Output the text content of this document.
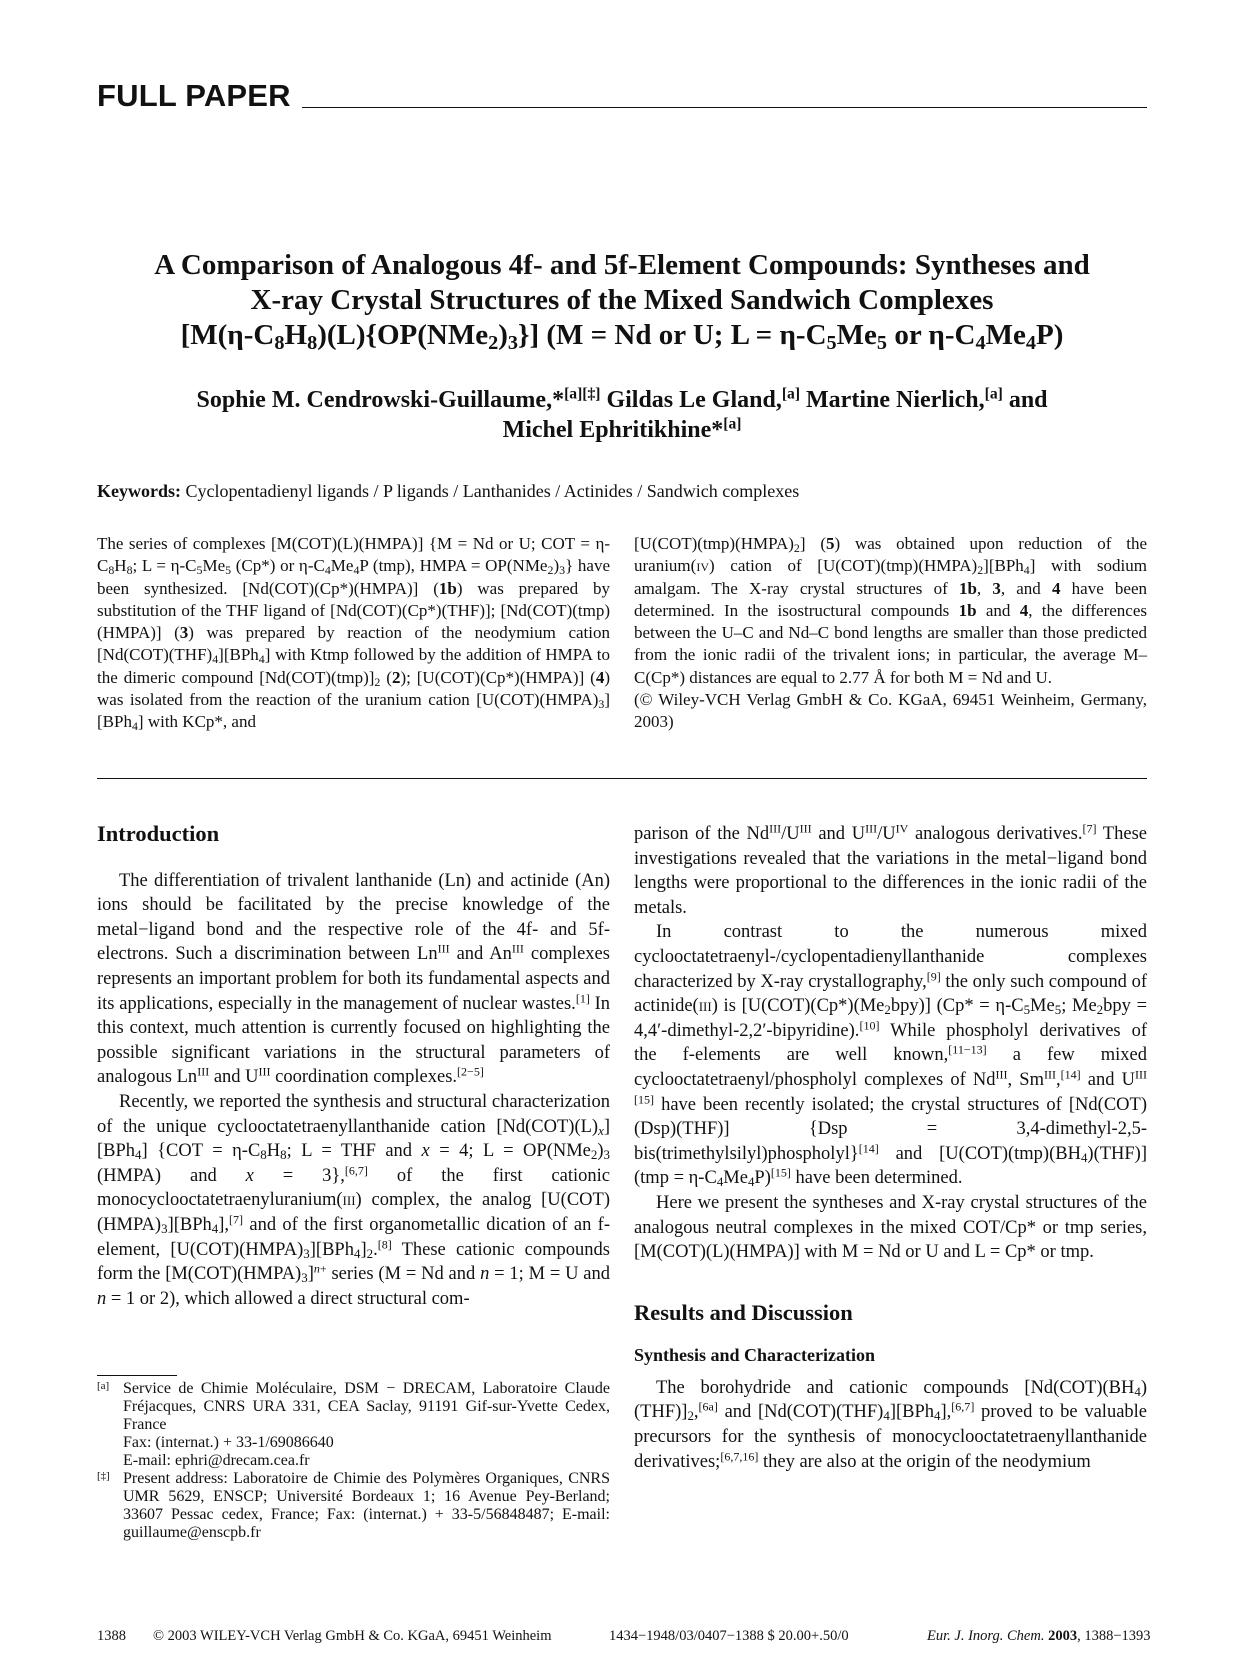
FULL PAPER
A Comparison of Analogous 4f- and 5f-Element Compounds: Syntheses and
X-ray Crystal Structures of the Mixed Sandwich Complexes
$[M(\eta-C_8H_8)(L)\{OP(NMe_2)_3\}] (M = Nd$ or U; $L = \eta-C_5Me_5$ or $\eta-C_4Me_4P$)
Sophie M. Cendrowski-Guillaume,*[a][‡] Gildas Le Gland,[a] Martine Nierlich,[a] and
Michel Ephritikhine*[a]
Keywords: Cyclopentadienyl ligands / P ligands / Lanthanides / Actinides / Sandwich complexes
The series of complexes [M(COT)(L)(HMPA)] {M = Nd or U; COT = $\eta-C_8H_8$; $L = \eta-C_5Me_5$ (Cp*) or $\eta-C_4Me_4P$ (tmp), HMPA = $OP(NMe_2)_3$} have been synthesized. [Nd(COT)(Cp*)(HMPA)] (1b) was prepared by substitution of the THF ligand of [Nd(COT)(Cp*)(THF)]; [Nd(COT)(tmp)(HMPA)] (3) was prepared by reaction of the neodymium cation $[Nd(COT)(THF)_4][BPh_4]$ with Ktmp followed by the addition of HMPA to the dimeric compound $[Nd(COT)(tmp)]_2$ (2); [U(COT)(Cp*)(HMPA)] (4) was isolated from the reaction of the uranium cation $[U(COT)(HMPA)_3][BPh_4]$ with KCp*, and
$[U(COT)(tmp)(HMPA)_2]$ (5) was obtained upon reduction of the uranium(iv) cation of $[U(COT)(tmp)(HMPA)_2][BPh_4]$ with sodium amalgam. The X-ray crystal structures of 1b, 3, and 4 have been determined. In the isostructural compounds 1b and 4, the differences between the U–C and Nd–C bond lengths are smaller than those predicted from the ionic radii of the trivalent ions; in particular, the average M–C(Cp*) distances are equal to 2.77 Å for both M = Nd and U.
(© Wiley-VCH Verlag GmbH & Co. KGaA, 69451 Weinheim, Germany, 2003)
Introduction

The differentiation of trivalent lanthanide (Ln) and actinide (An) ions should be facilitated by the precise knowledge of the metal−ligand bond and the respective role of the 4f- and 5f-electrons. Such a discrimination between $Ln^{III}$ and $An^{III}$ complexes represents an important problem for both its fundamental aspects and its applications, especially in the management of nuclear wastes.[1] In this context, much attention is currently focused on highlighting the possible significant variations in the structural parameters of analogous $Ln^{III}$ and $U^{III}$ coordination complexes.[2−5]

Recently, we reported the synthesis and structural characterization of the unique cyclooctatetraenyllanthanide cation $[Nd(COT)(L)_x][BPh_4] \{COT = \eta-C_8H_8$; L = THF and x = 4; $L = OP(NMe_2)_3$ (HMPA) and x = 3},[6,7] of the first cationic monocyclooctatetraenyluranium(iii) complex, the analog $[U(COT)(HMPA)_3][BPh_4],[7]$ and of the first organometallic dication of an f-element, $[U(COT)(HMPA)_3][BPh_4]_2.[8]$ These cationic compounds form the $[M(COT)(HMPA)_3]^{n+}$ series (M = Nd and n = 1; M = U and n = 1 or 2), which allowed a direct structural com-

[a] Service de Chimie Moléculaire, DSM − DRECAM, Laboratoire Claude Fréjacques, CNRS URA 331, CEA Saclay, 91191 Gif-sur-Yvette Cedex, France
Fax: (internat.) + 33-1/69086640
E-mail: ephri@drecam.cea.fr
[‡] Present address: Laboratoire de Chimie des Polymères Organiques, CNRS UMR 5629, ENSCP; Université Bordeaux 1; 16 Avenue Pey-Berland; 33607 Pessac cedex, France; Fax: (internat.) + 33-5/56848487; E-mail: guillaume@enscpb.fr

parison of the $Nd^{III}/U^{III}$ and $U^{III}/U^{IV}$ analogous derivatives.[7] These investigations revealed that the variations in the metal−ligand bond lengths were proportional to the differences in the ionic radii of the metals.

In contrast to the numerous mixed cyclooctatetraenyl-/cyclopentadienyllanthanide complexes characterized by X-ray crystallography,[9] the only such compound of actinide(iii) is $[U(COT)(Cp*)(Me_2bpy)] (Cp* = \eta-C_5Me_5$; $Me_2bpy$ = 4,4′-dimethyl-2,2′-bipyridine).[10] While phospholyl derivatives of the f-elements are well known,[11−13] a few mixed cyclooctatetraenyl/phospholyl complexes of $Nd^{III}$, $Sm^{III},[14]$ and $U^{III [15]}$ have been recently isolated; the crystal structures of [Nd(COT)(Dsp)(THF)] {Dsp = 3,4-dimethyl-2,5-bis(trimethylsilyl)phospholyl}[14] and $[U(COT)(tmp)(BH_4)(THF)] (tmp = \eta-C_4Me_4P)[15]$ have been determined.

Here we present the syntheses and X-ray crystal structures of the analogous neutral complexes in the mixed COT/Cp* or tmp series, [M(COT)(L)(HMPA)] with M = Nd or U and L = Cp* or tmp.

Results and Discussion
Synthesis and Characterization

The borohydride and cationic compounds $[Nd(COT)(BH_4)(THF)]_2,[6a]$ and $[Nd(COT)(THF)_4][BPh_4],[6,7]$ proved to be valuable precursors for the synthesis of monocyclooctatetraenyllanthanide derivatives;[6,7,16] they are also at the origin of the neodymium

1388 © 2003 WILEY-VCH Verlag GmbH & Co. KGaA, 69451 Weinheim	1434−1948/03/0407−1388 $ 20.00+.50/0	Eur. J. Inorg. Chem. 2003, 1388−1393
